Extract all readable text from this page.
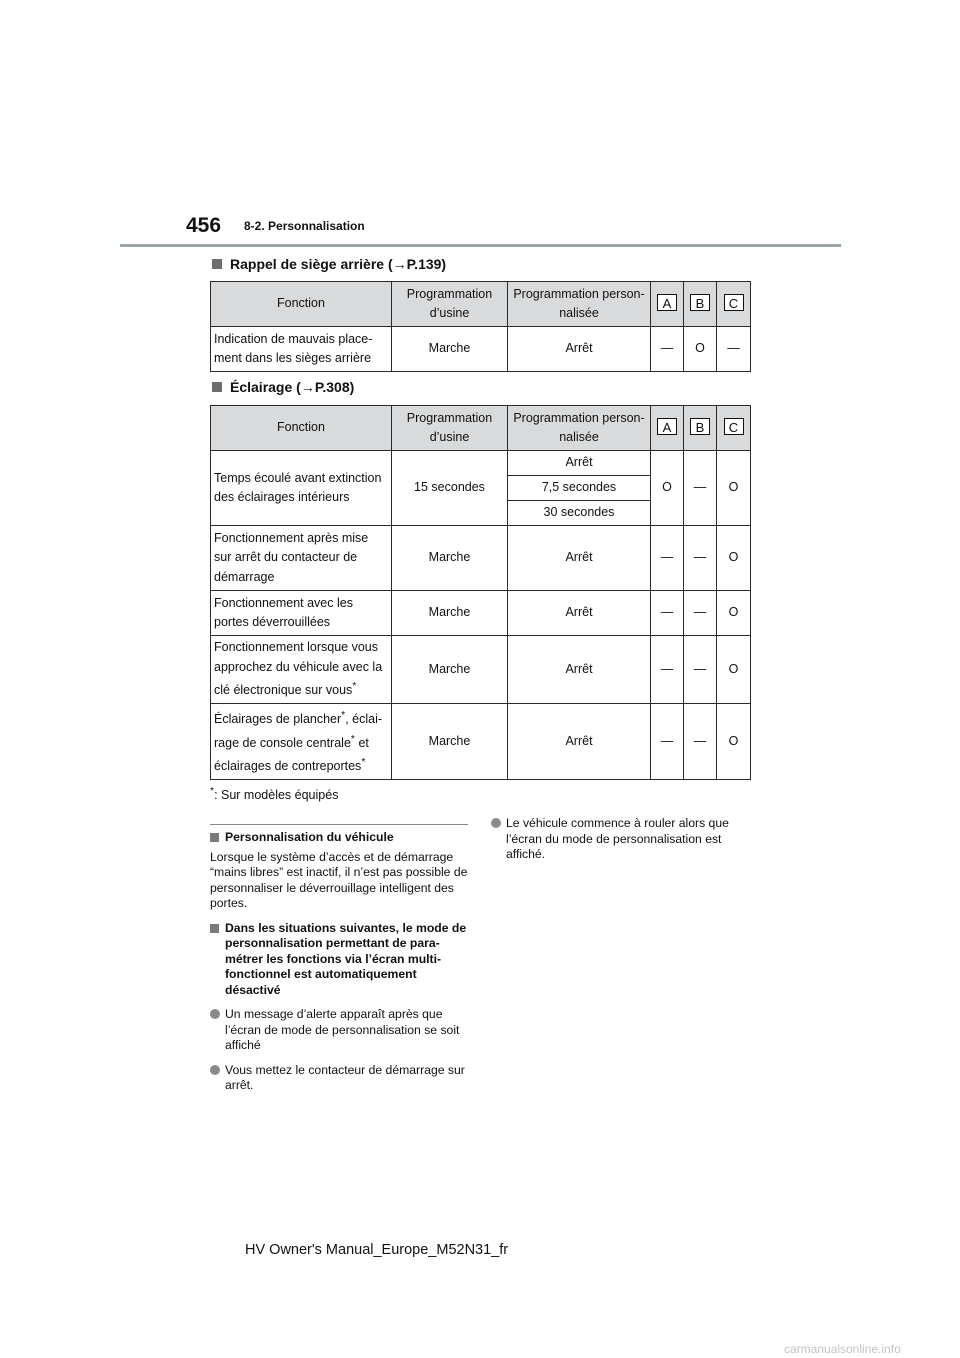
456 8-2. Personnalisation
Rappel de siège arrière ( → P.139)
Fonction	Programmation d’usine	Programmation person-nalisée	A	B	C
Indication de mauvais place-ment dans les sièges arrière	Marche	Arrêt	—	O	—
Éclairage ( → P.308)
Fonction	Programmation d’usine	Programmation person-nalisée	A	B	C
Temps écoulé avant extinction des éclairages intérieurs	15 secondes	Arrêt	O	—	O
		7,5 secondes			
		30 secondes			
Fonctionnement après mise sur arrêt du contacteur de démarrage	Marche	Arrêt	—	—	O
Fonctionnement avec les portes déverrouillées	Marche	Arrêt	—	—	O
Fonctionnement lorsque vous approchez du véhicule avec la clé électronique sur vous*	Marche	Arrêt	—	—	O
Éclairages de plancher*, éclai-rage de console centrale* et éclairages de contreportes*	Marche	Arrêt	—	—	O
*: Sur modèles équipés
Personnalisation du véhicule
Lorsque le système d’accès et de démarrage “mains libres” est inactif, il n’est pas possible de personnaliser le déverrouillage intelligent des portes.
Dans les situations suivantes, le mode de personnalisation permettant de para-métrer les fonctions via l’écran multi-fonctionnel est automatiquement désactivé
Un message d’alerte apparaît après que l’écran de mode de personnalisation se soit affiché
Vous mettez le contacteur de démarrage sur arrêt.
Le véhicule commence à rouler alors que l’écran du mode de personnalisation est affiché.
HV Owner's Manual_Europe_M52N31_fr
carmanualsonline.info
